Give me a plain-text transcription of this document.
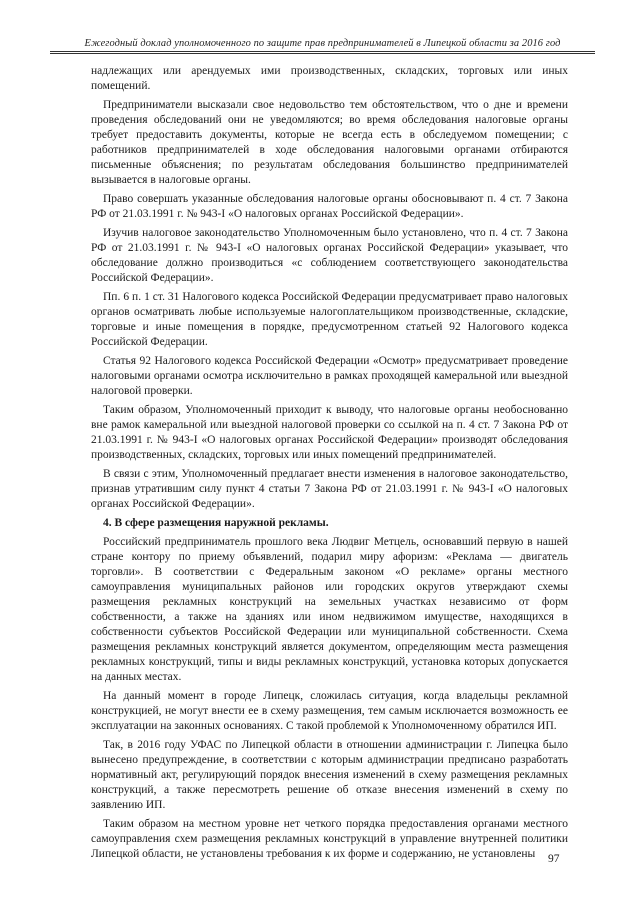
Ежегодный доклад уполномоченного по защите прав предпринимателей в Липецкой области за 2016 год

надлежащих или арендуемых ими производственных, складских, торговых или иных помещений.

Предприниматели высказали свое недовольство тем обстоятельством, что о дне и времени проведения обследований они не уведомляются; во время обследования налоговые органы требует предоставить документы, которые не всегда есть в обследуемом помещении; с работников предпринимателей в ходе обследования налоговыми органами отбираются письменные объяснения; по результатам обследования большинство предпринимателей вызывается в налоговые органы.

Право совершать указанные обследования налоговые органы обосновывают п. 4 ст. 7 Закона РФ от 21.03.1991 г. № 943-I «О налоговых органах Российской Федерации».

Изучив налоговое законодательство Уполномоченным было установлено, что п. 4 ст. 7 Закона РФ от 21.03.1991 г. № 943-I «О налоговых органах Российской Федерации» указывает, что обследование должно производиться «с соблюдением соответствующего законодательства Российской Федерации».

Пп. 6 п. 1 ст. 31 Налогового кодекса Российской Федерации предусматривает право налоговых органов осматривать любые используемые налогоплательщиком производственные, складские, торговые и иные помещения в порядке, предусмотренном статьей 92 Налогового кодекса Российской Федерации.

Статья 92 Налогового кодекса Российской Федерации «Осмотр» предусматривает проведение налоговыми органами осмотра исключительно в рамках проходящей камеральной или выездной налоговой проверки.

Таким образом, Уполномоченный приходит к выводу, что налоговые органы необоснованно вне рамок камеральной или выездной налоговой проверки со ссылкой на п. 4 ст. 7 Закона РФ от 21.03.1991 г. № 943-I «О налоговых органах Российской Федерации» производят обследования производственных, складских, торговых или иных помещений предпринимателей.

В связи с этим, Уполномоченный предлагает внести изменения в налоговое законодательство, признав утратившим силу пункт 4 статьи 7 Закона РФ от 21.03.1991 г. № 943-I «О налоговых органах Российской Федерации».

4. В сфере размещения наружной рекламы.

Российский предприниматель прошлого века Людвиг Метцель, основавший первую в нашей стране контору по приему объявлений, подарил миру афоризм: «Реклама — двигатель торговли». В соответствии с Федеральным законом «О рекламе» органы местного самоуправления муниципальных районов или городских округов утверждают схемы размещения рекламных конструкций на земельных участках независимо от форм собственности, а также на зданиях или ином недвижимом имуществе, находящихся в собственности субъектов Российской Федерации или муниципальной собственности. Схема размещения рекламных конструкций является документом, определяющим места размещения рекламных конструкций, типы и виды рекламных конструкций, установка которых допускается на данных местах.

На данный момент в городе Липецк, сложилась ситуация, когда владельцы рекламной конструкцией, не могут внести ее в схему размещения, тем самым исключается возможность ее эксплуатации на законных основаниях. С такой проблемой к Уполномоченному обратился ИП.

Так, в 2016 году УФАС по Липецкой области в отношении администрации г. Липецка было вынесено предупреждение, в соответствии с которым администрации предписано разработать нормативный акт, регулирующий порядок внесения изменений в схему размещения рекламных конструкций, а также пересмотреть решение об отказе внесения изменений в схему по заявлению ИП.

Таким образом на местном уровне нет четкого порядка предоставления органами местного самоуправления схем размещения рекламных конструкций в управление внутренней политики Липецкой области, не установлены требования к их форме и содержанию, не установлены	97
